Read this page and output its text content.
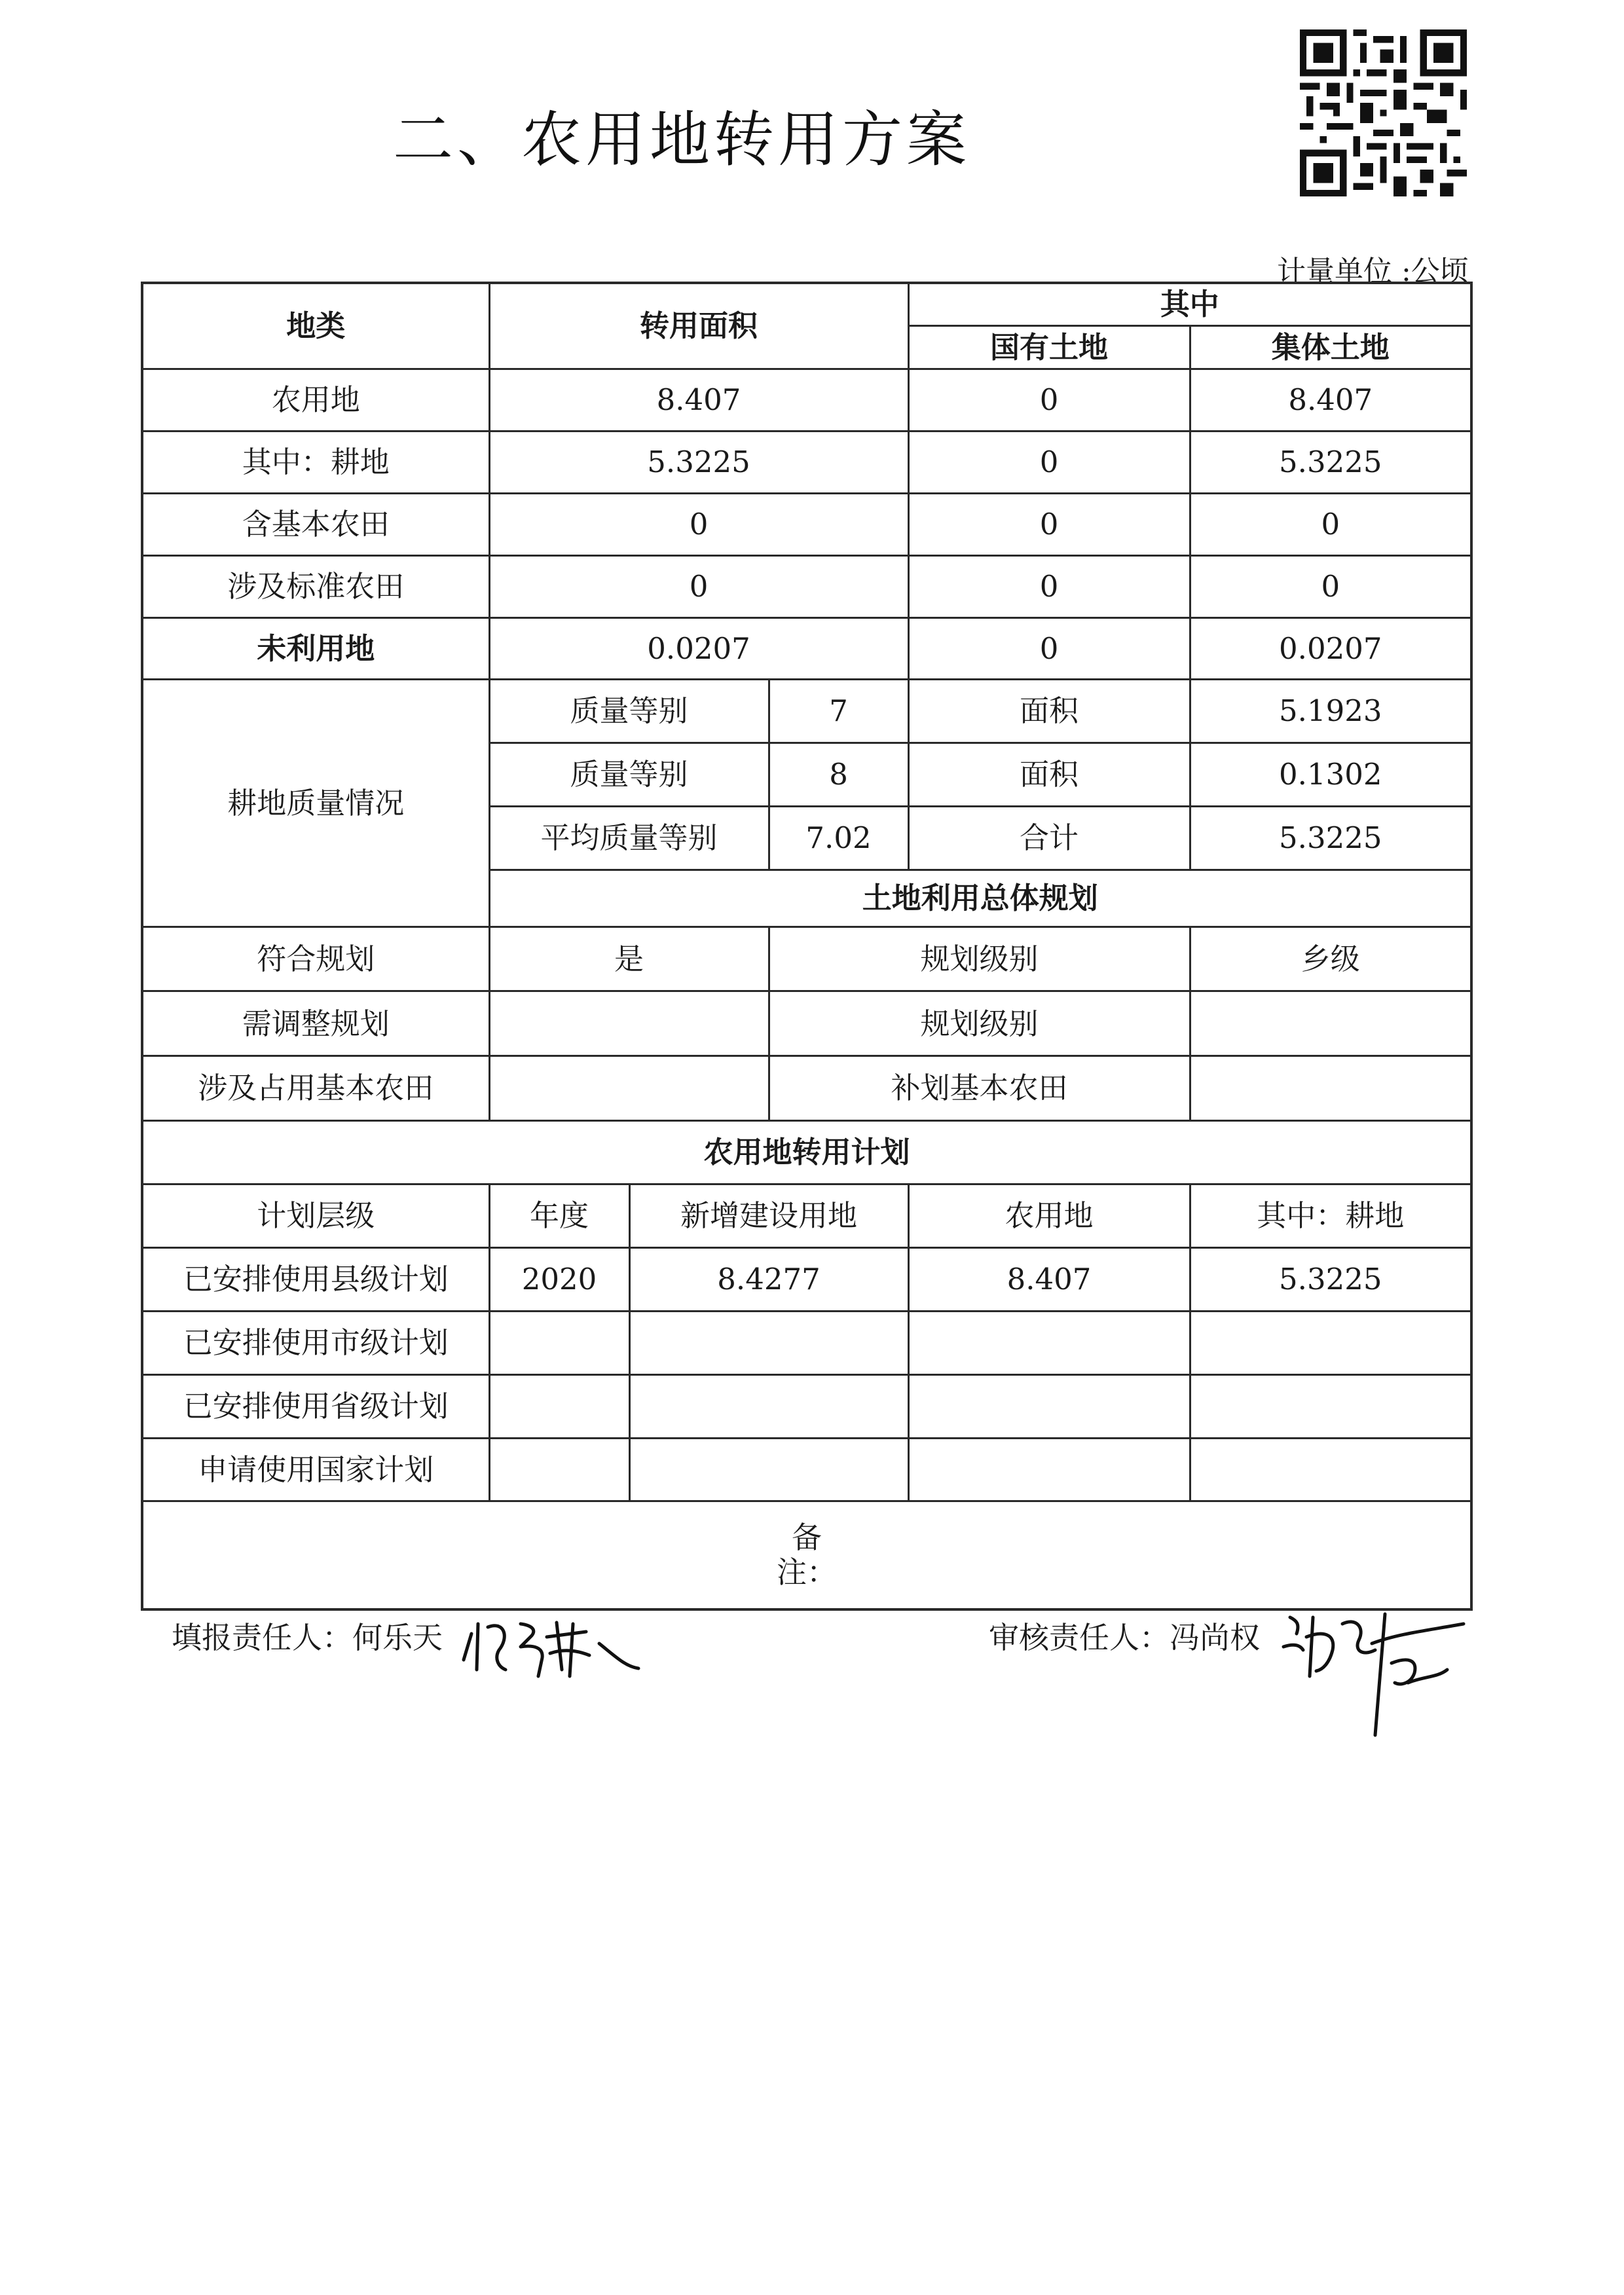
二、农用地转用方案
计量单位 :公顷
地类	转用面积			其中	
				国有土地	集体土地
农用地	8.407			0	8.407
其中：耕地	5.3225			0	5.3225
含基本农田	0			0	0
涉及标准农田	0			0	0
未利用地	0.0207			0	0.0207
耕地质量情况	质量等别		7	面积	5.1923
	质量等别		8	面积	0.1302
	平均质量等别		7.02	合计	5.3225
	土地利用总体规划				
符合规划	是		规划级别		乡级
需调整规划			规划级别		
涉及占用基本农田			补划基本农田		
农用地转用计划					
计划层级	年度	新增建设用地		农用地	其中：耕地
已安排使用县级计划	2020	8.4277		8.407	5.3225
已安排使用市级计划					
已安排使用省级计划					
申请使用国家计划					

备
注：					
填报责任人：何乐天	审核责任人：冯尚权
